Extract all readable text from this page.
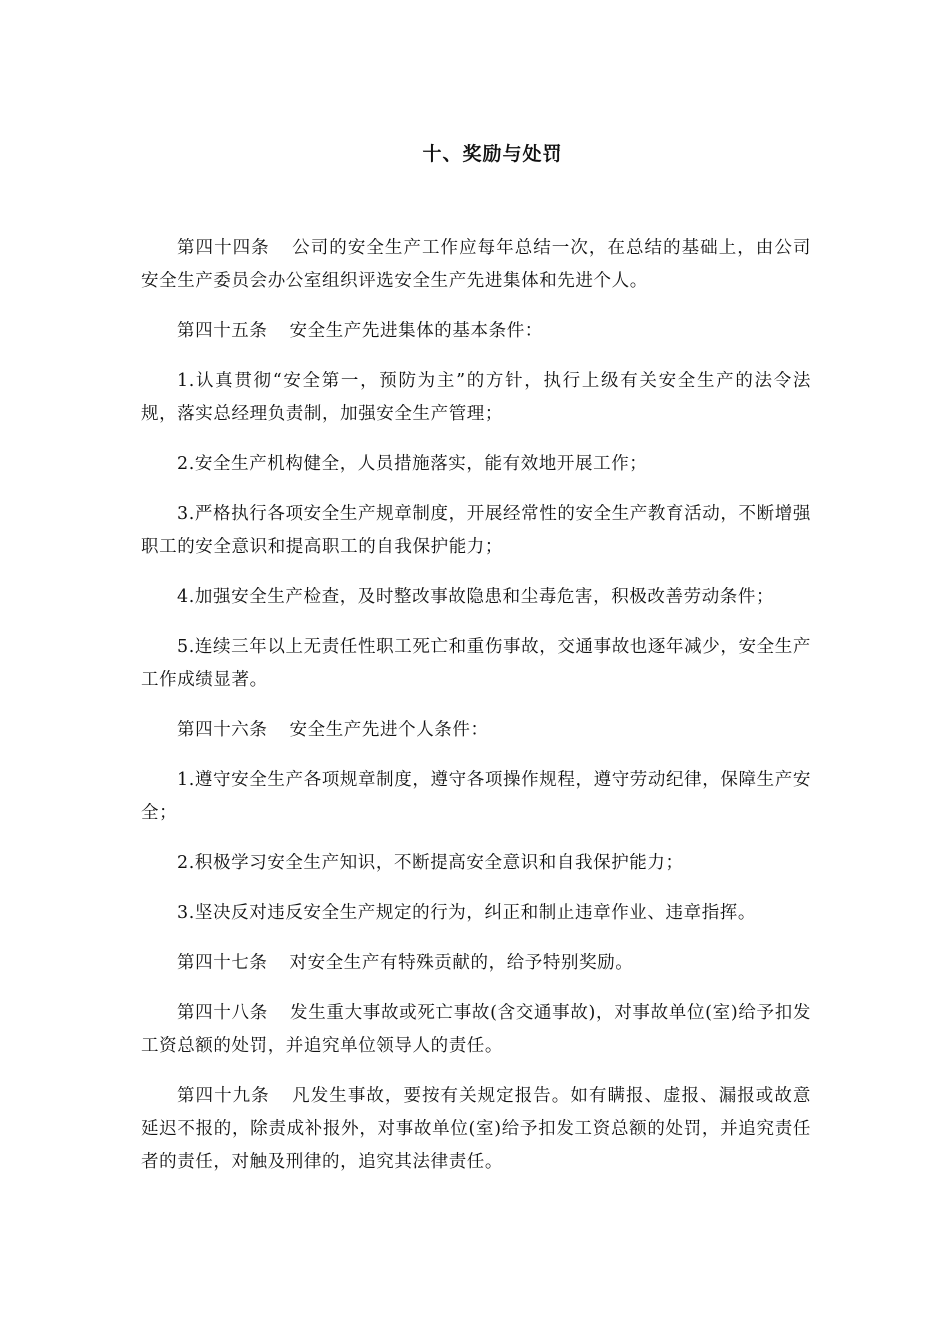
十、奖励与处罚

第四十四条 公司的安全生产工作应每年总结一次，在总结的基础上，由公司安全生产委员会办公室组织评选安全生产先进集体和先进个人。

第四十五条 安全生产先进集体的基本条件：

1.认真贯彻“安全第一，预防为主”的方针，执行上级有关安全生产的法令法规，落实总经理负责制，加强安全生产管理；

2.安全生产机构健全，人员措施落实，能有效地开展工作；

3.严格执行各项安全生产规章制度，开展经常性的安全生产教育活动，不断增强职工的安全意识和提高职工的自我保护能力；

4.加强安全生产检查，及时整改事故隐患和尘毒危害，积极改善劳动条件；

5.连续三年以上无责任性职工死亡和重伤事故，交通事故也逐年减少，安全生产工作成绩显著。

第四十六条 安全生产先进个人条件：

1.遵守安全生产各项规章制度，遵守各项操作规程，遵守劳动纪律，保障生产安全；

2.积极学习安全生产知识，不断提高安全意识和自我保护能力；

3.坚决反对违反安全生产规定的行为，纠正和制止违章作业、违章指挥。

第四十七条 对安全生产有特殊贡献的，给予特别奖励。

第四十八条 发生重大事故或死亡事故(含交通事故)，对事故单位(室)给予扣发工资总额的处罚，并追究单位领导人的责任。

第四十九条 凡发生事故，要按有关规定报告。如有瞒报、虚报、漏报或故意延迟不报的，除责成补报外，对事故单位(室)给予扣发工资总额的处罚，并追究责任者的责任，对触及刑律的，追究其法律责任。
